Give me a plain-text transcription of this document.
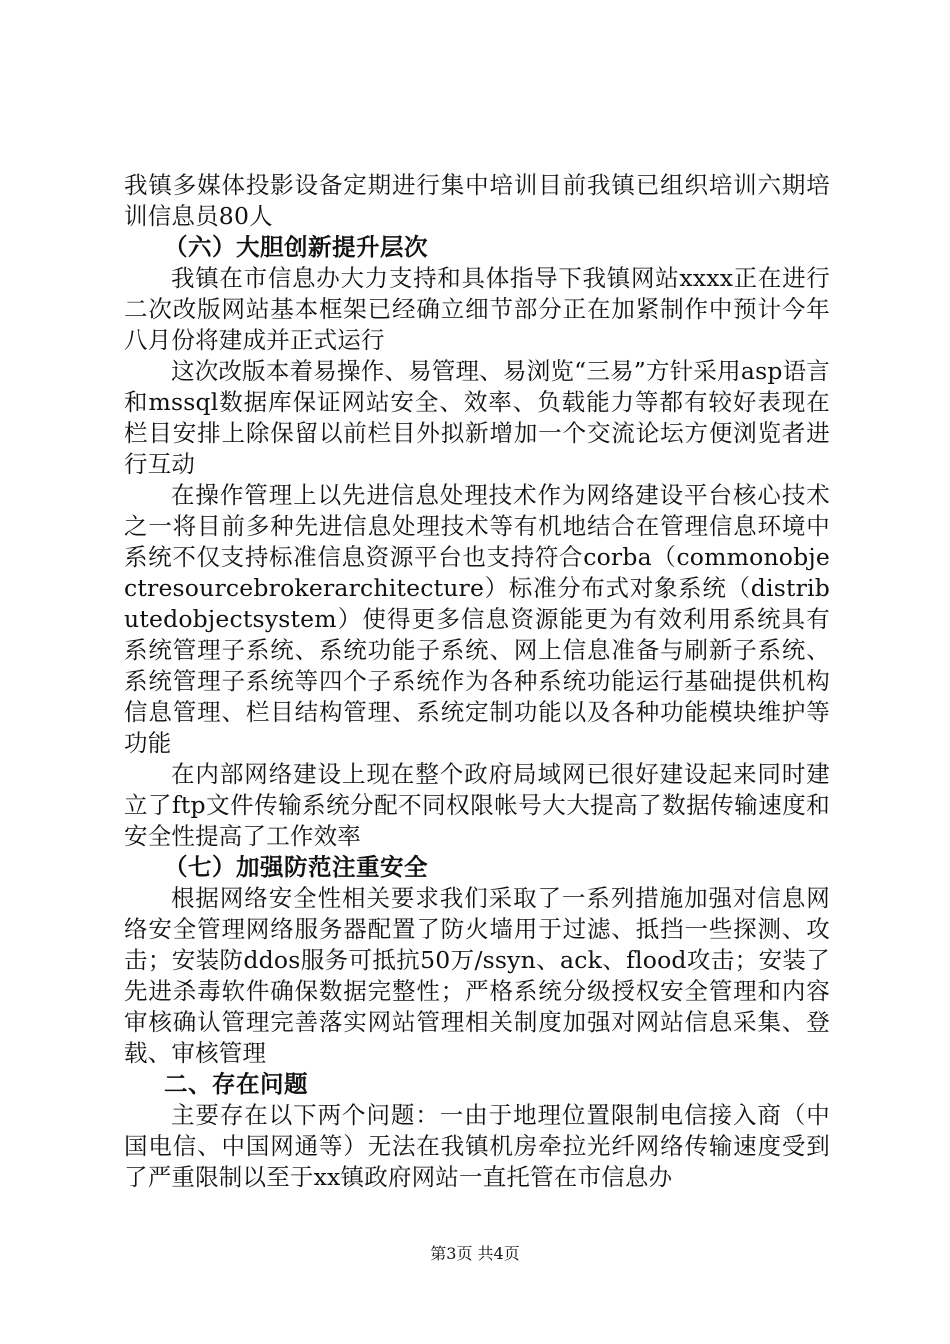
我镇多媒体投影设备定期进行集中培训目前我镇已组织培训六期培训信息员80人

（六）大胆创新提升层次

我镇在市信息办大力支持和具体指导下我镇网站xxxx正在进行二次改版网站基本框架已经确立细节部分正在加紧制作中预计今年八月份将建成并正式运行

这次改版本着易操作、易管理、易浏览“三易”方针采用asp语言和mssql数据库保证网站安全、效率、负载能力等都有较好表现在栏目安排上除保留以前栏目外拟新增加一个交流论坛方便浏览者进行互动

在操作管理上以先进信息处理技术作为网络建设平台核心技术之一将目前多种先进信息处理技术等有机地结合在管理信息环境中系统不仅支持标准信息资源平台也支持符合corba（commonobjectresourcebrokerarchitecture）标准分布式对象系统（distributedobjectsystem）使得更多信息资源能更为有效利用系统具有系统管理子系统、系统功能子系统、网上信息准备与刷新子系统、系统管理子系统等四个子系统作为各种系统功能运行基础提供机构信息管理、栏目结构管理、系统定制功能以及各种功能模块维护等功能

在内部网络建设上现在整个政府局域网已很好建设起来同时建立了ftp文件传输系统分配不同权限帐号大大提高了数据传输速度和安全性提高了工作效率

（七）加强防范注重安全

根据网络安全性相关要求我们采取了一系列措施加强对信息网络安全管理网络服务器配置了防火墙用于过滤、抵挡一些探测、攻击；安装防ddos服务可抵抗50万/ssyn、ack、flood攻击；安装了先进杀毒软件确保数据完整性；严格系统分级授权安全管理和内容审核确认管理完善落实网站管理相关制度加强对网站信息采集、登载、审核管理

二、存在问题

主要存在以下两个问题：一由于地理位置限制电信接入商（中国电信、中国网通等）无法在我镇机房牵拉光纤网络传输速度受到了严重限制以至于xx镇政府网站一直托管在市信息办

第3页 共4页
